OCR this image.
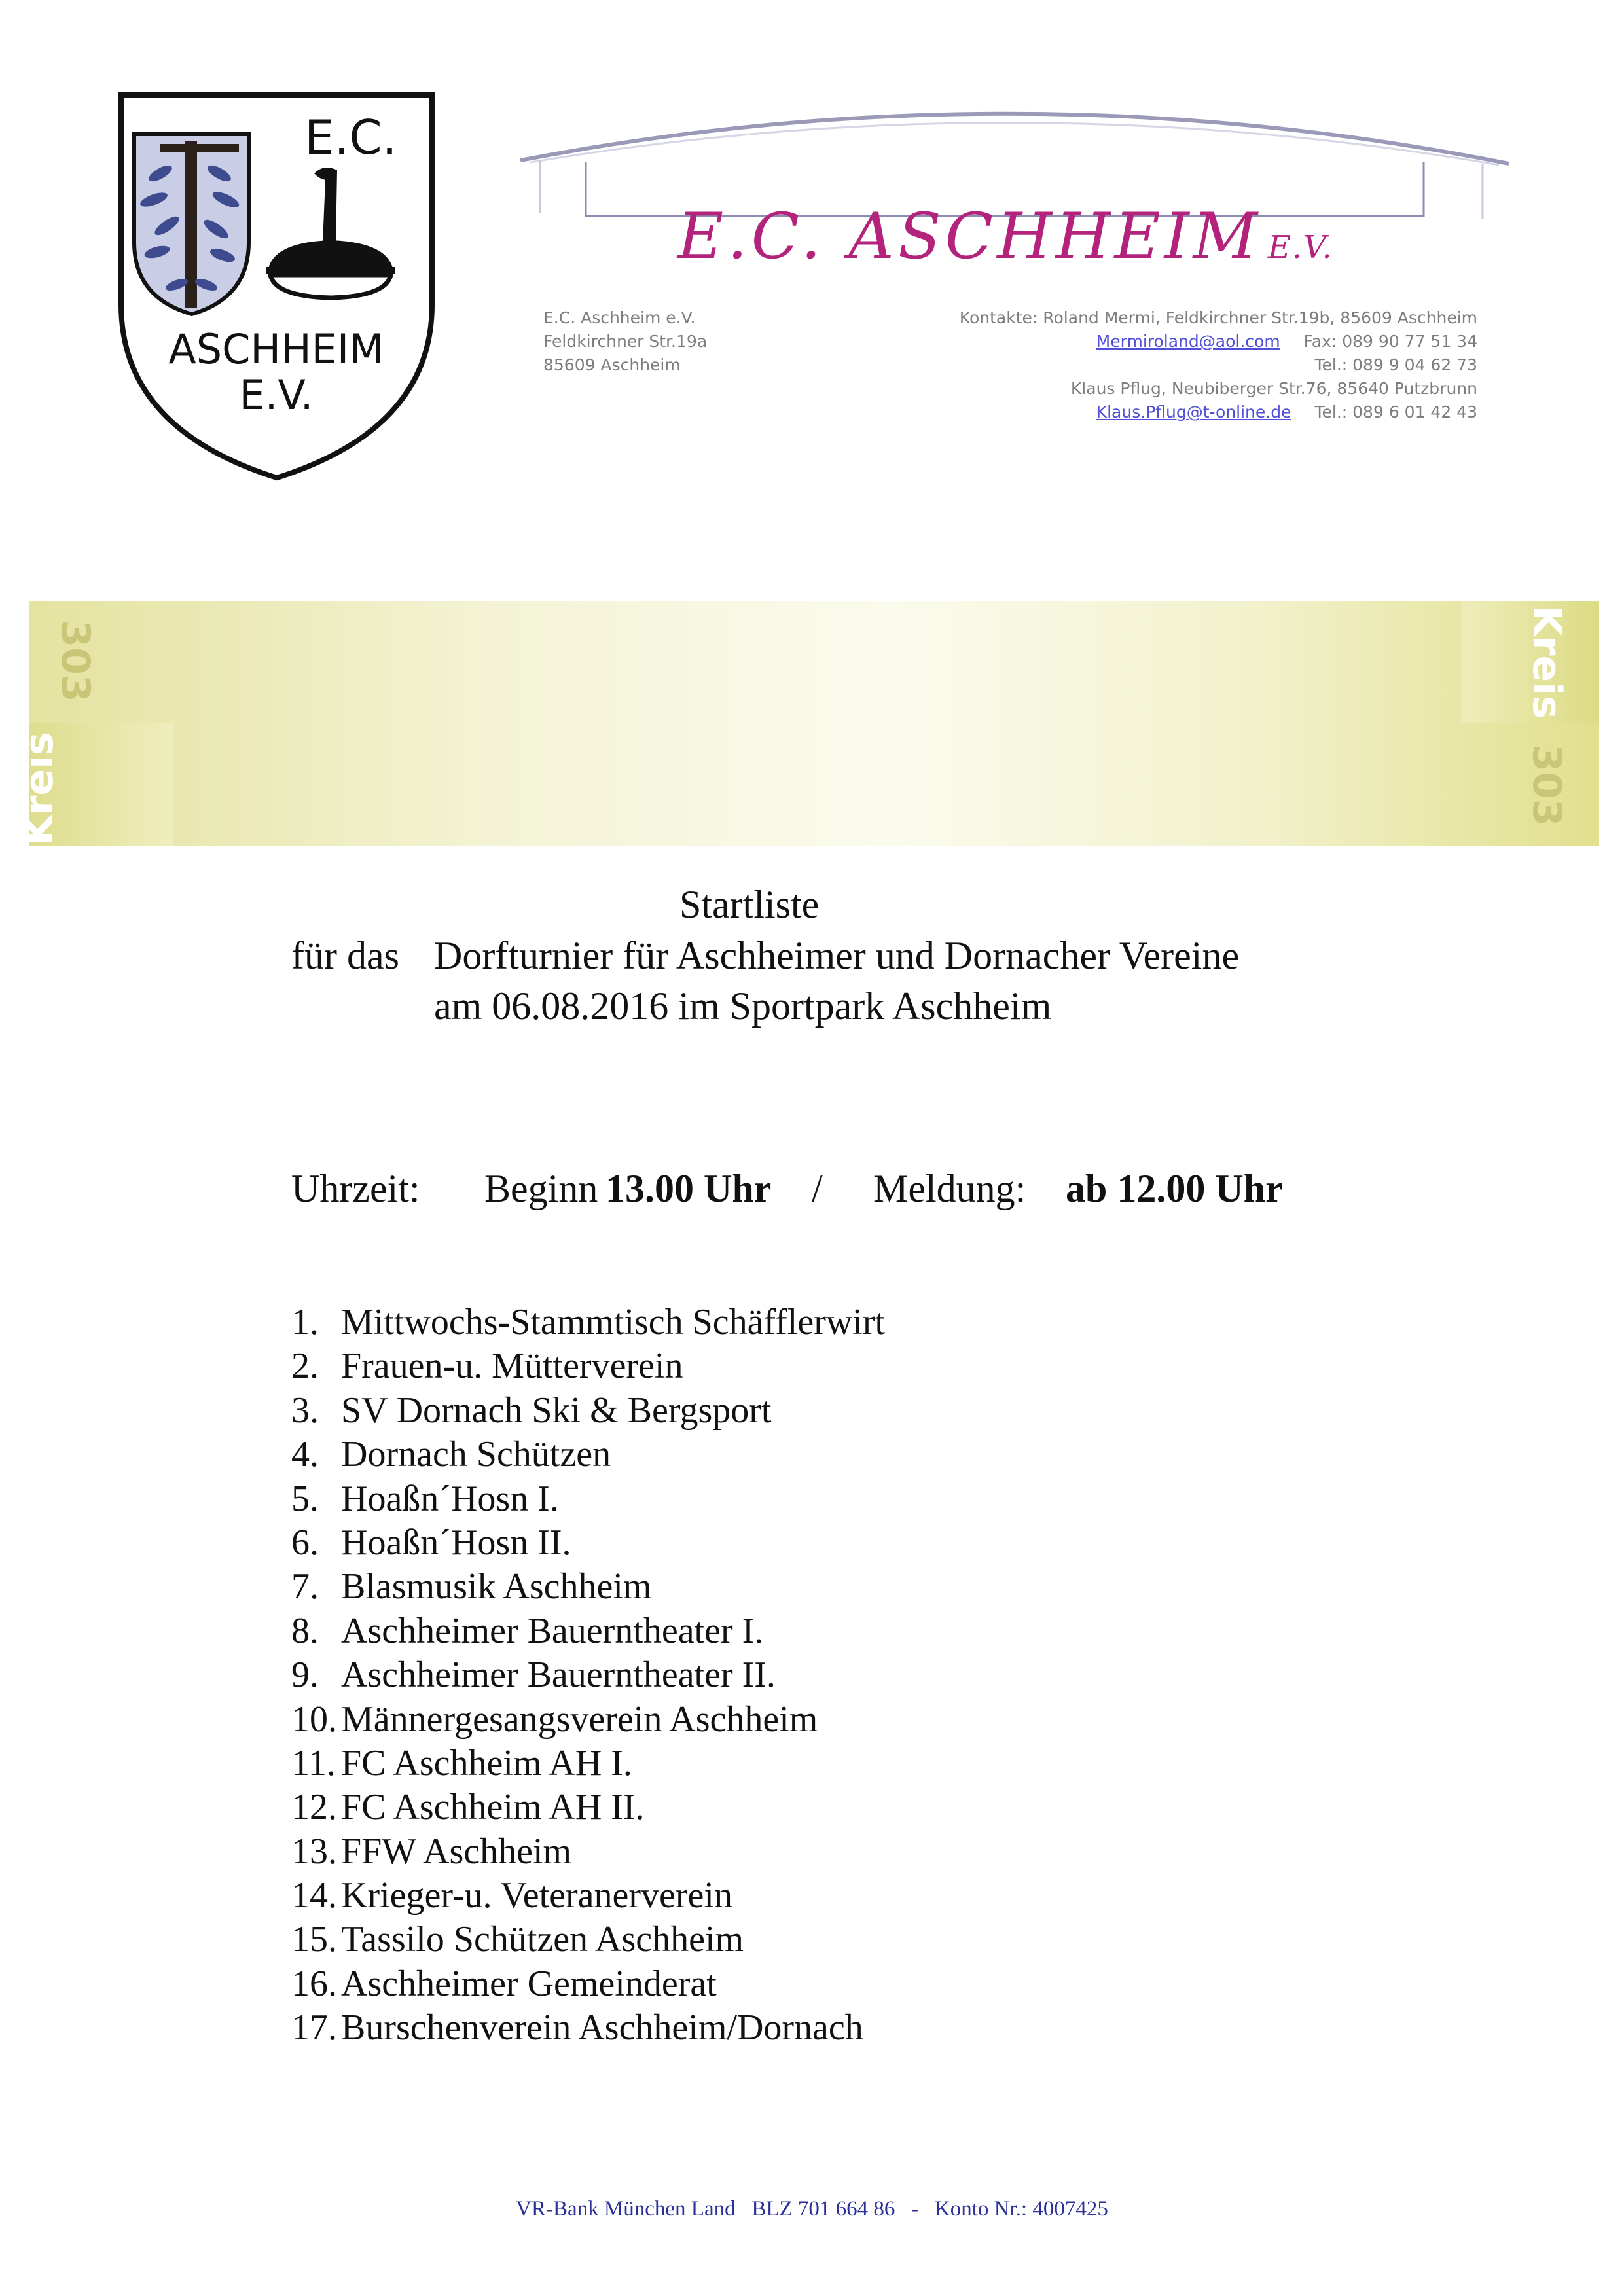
E.C.
ASCHHEIM
E.V.
E.C. ASCHHEIM E.V.
E.C. Aschheim e.V.
Feldkirchner Str.19a
85609 Aschheim
Kontakte: Roland Mermi, Feldkirchner Str.19b, 85609 Aschheim
Mermiroland@aol.com Fax: 089 90 77 51 34
Tel.: 089 9 04 62 73
Klaus Pflug, Neubiberger Str.76, 85640 Putzbrunn
Klaus.Pflug@t-online.de Tel.: 089 6 01 42 43
Kreis
303	Kreis
303
Startliste
für das Dorfturnier für Aschheimer und Dornacher Vereine
am 06.08.2016 im Sportpark Aschheim
Uhrzeit: Beginn 13.00 Uhr / Meldung: ab 12.00 Uhr
1. Mittwochs-Stammtisch Schäfflerwirt
2. Frauen-u. Mütterverein
3. SV Dornach Ski & Bergsport
4. Dornach Schützen
5. Hoaßn´Hosn I.
6. Hoaßn´Hosn II.
7. Blasmusik Aschheim
8. Aschheimer Bauerntheater I.
9. Aschheimer Bauerntheater II.
10. Männergesangsverein Aschheim
11. FC Aschheim AH I.
12. FC Aschheim AH II.
13. FFW Aschheim
14. Krieger-u. Veteranerverein
15. Tassilo Schützen Aschheim
16. Aschheimer Gemeinderat
17. Burschenverein Aschheim/Dornach
VR-Bank München Land   BLZ 701 664 86   -   Konto Nr.: 4007425
